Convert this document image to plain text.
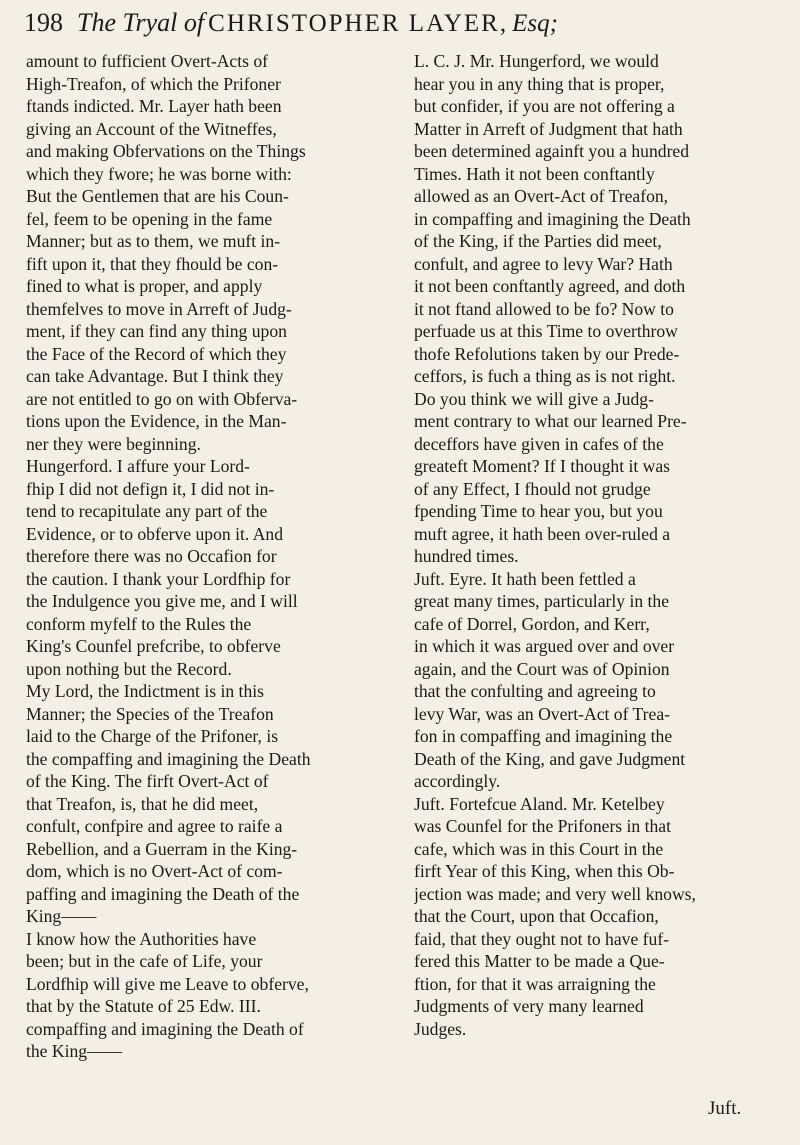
198 The Tryal of CHRISTOPHER LAYER, Esq;
amount to fufficient Overt-Acts of
High-Treafon, of which the Prifoner
ftands indicted. Mr. Layer hath been
giving an Account of the Witneffes,
and making Obfervations on the Things
which they fwore; he was borne with:
But the Gentlemen that are his Coun-
fel, feem to be opening in the fame
Manner; but as to them, we muft in-
fift upon it, that they fhould be con-
fined to what is proper, and apply
themfelves to move in Arreft of Judg-
ment, if they can find any thing upon
the Face of the Record of which they
can take Advantage. But I think they
are not entitled to go on with Obferva-
tions upon the Evidence, in the Man-
ner they were beginning.
Hungerford. I affure your Lord-
fhip I did not defign it, I did not in-
tend to recapitulate any part of the
Evidence, or to obferve upon it. And
therefore there was no Occafion for
the caution. I thank your Lordfhip for
the Indulgence you give me, and I will
conform myfelf to the Rules the
King's Counfel prefcribe, to obferve
upon nothing but the Record.
My Lord, the Indictment is in this
Manner; the Species of the Treafon
laid to the Charge of the Prifoner, is
the compaffing and imagining the Death
of the King. The firft Overt-Act of
that Treafon, is, that he did meet,
confult, confpire and agree to raife a
Rebellion, and a Guerram in the King-
dom, which is no Overt-Act of com-
paffing and imagining the Death of the
King——
I know how the Authorities have
been; but in the cafe of Life, your
Lordfhip will give me Leave to obferve,
that by the Statute of 25 Edw. III.
compaffing and imagining the Death of
the King——
L. C. J. Mr. Hungerford, we would
hear you in any thing that is proper,
but confider, if you are not offering a
Matter in Arreft of Judgment that hath
been determined againft you a hundred
Times. Hath it not been conftantly
allowed as an Overt-Act of Treafon,
in compaffing and imagining the Death
of the King, if the Parties did meet,
confult, and agree to levy War? Hath
it not been conftantly agreed, and doth
it not ftand allowed to be fo? Now to
perfuade us at this Time to overthrow
thofe Refolutions taken by our Prede-
ceffors, is fuch a thing as is not right.
Do you think we will give a Judg-
ment contrary to what our learned Pre-
deceffors have given in cafes of the
greateft Moment? If I thought it was
of any Effect, I fhould not grudge
fpending Time to hear you, but you
muft agree, it hath been over-ruled a
hundred times.
Juft. Eyre. It hath been fettled a
great many times, particularly in the
cafe of Dorrel, Gordon, and Kerr,
in which it was argued over and over
again, and the Court was of Opinion
that the confulting and agreeing to
levy War, was an Overt-Act of Trea-
fon in compaffing and imagining the
Death of the King, and gave Judgment
accordingly.
Juft. Fortefcue Aland. Mr. Ketelbey
was Counfel for the Prifoners in that
cafe, which was in this Court in the
firft Year of this King, when this Ob-
jection was made; and very well knows,
that the Court, upon that Occafion,
faid, that they ought not to have fuf-
fered this Matter to be made a Que-
ftion, for that it was arraigning the
Judgments of very many learned
Judges.
Juft.
